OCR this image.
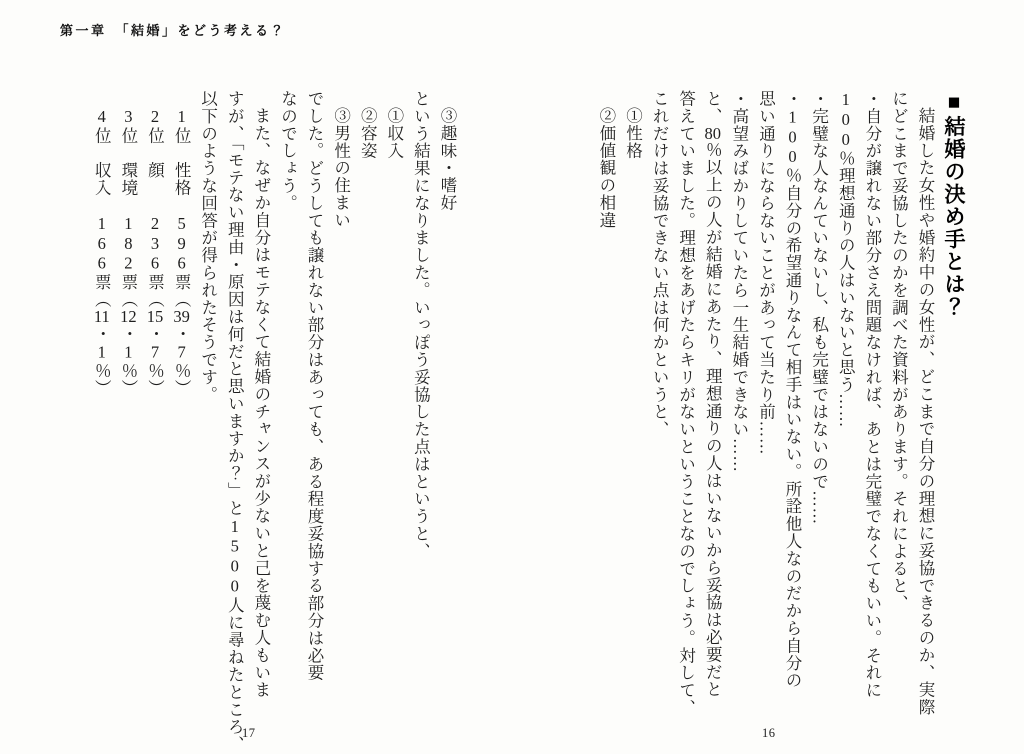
第一章　「結婚」をどう考える？

■結婚の決め手とは？

結婚した女性や婚約中の女性が、どこまで自分の理想に妥協できるのか、実際

にどこまで妥協したのかを調べた資料があります。それによると、

・自分が譲れない部分さえ問題なければ、あとは完璧でなくてもいい。それに

100％理想通りの人はいないと思う……

・完璧な人なんていないし、私も完璧ではないので……

・100％自分の希望通りなんて相手はいない。所詮他人なのだから自分の

思い通りにならないことがあって当たり前……

・高望みばかりしていたら一生結婚できない……

と、80％以上の人が結婚にあたり、理想通りの人はいないから妥協は必要だと

答えていました。理想をあげたらキリがないということなのでしょう。対して、

これだけは妥協できない点は何かというと、

①性格

②価値観の相違

③趣味・嗜好

という結果になりました。いっぽう妥協した点はというと、

①収入

②容姿

③男性の住まい

でした。どうしても譲れない部分はあっても、ある程度妥協する部分は必要

なのでしょう。

また、なぜか自分はモテなくて結婚のチャンスが少ないと己を蔑む人もいま

すが、「モテない理由・原因は何だと思いますか？」と1500人に尋ねたところ、

以下のような回答が得られたそうです。

1位　性格　596票（39・7％）

2位　顔　　236票（15・7％）

3位　環境　182票（12・1％）

4位　収入　166票（11・1％）

16
17
